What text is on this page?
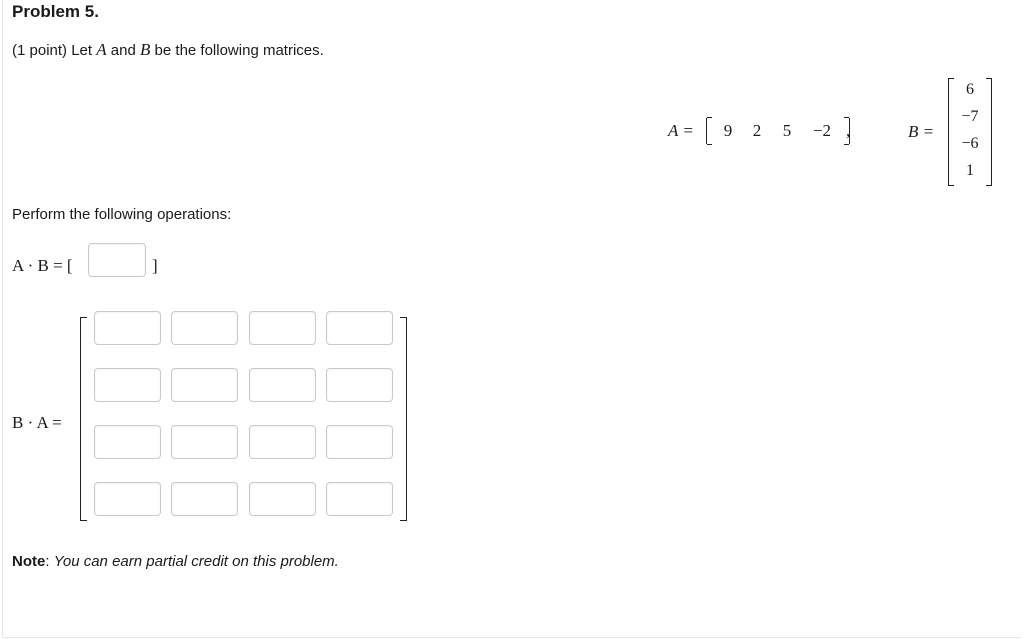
Problem 5.
(1 point) Let A and B be the following matrices.
A =	9	2	5	−2 ,	B =
6
−7
−6
1
Perform the following operations:
A · B = [	]
B · A =
Note: You can earn partial credit on this problem.
